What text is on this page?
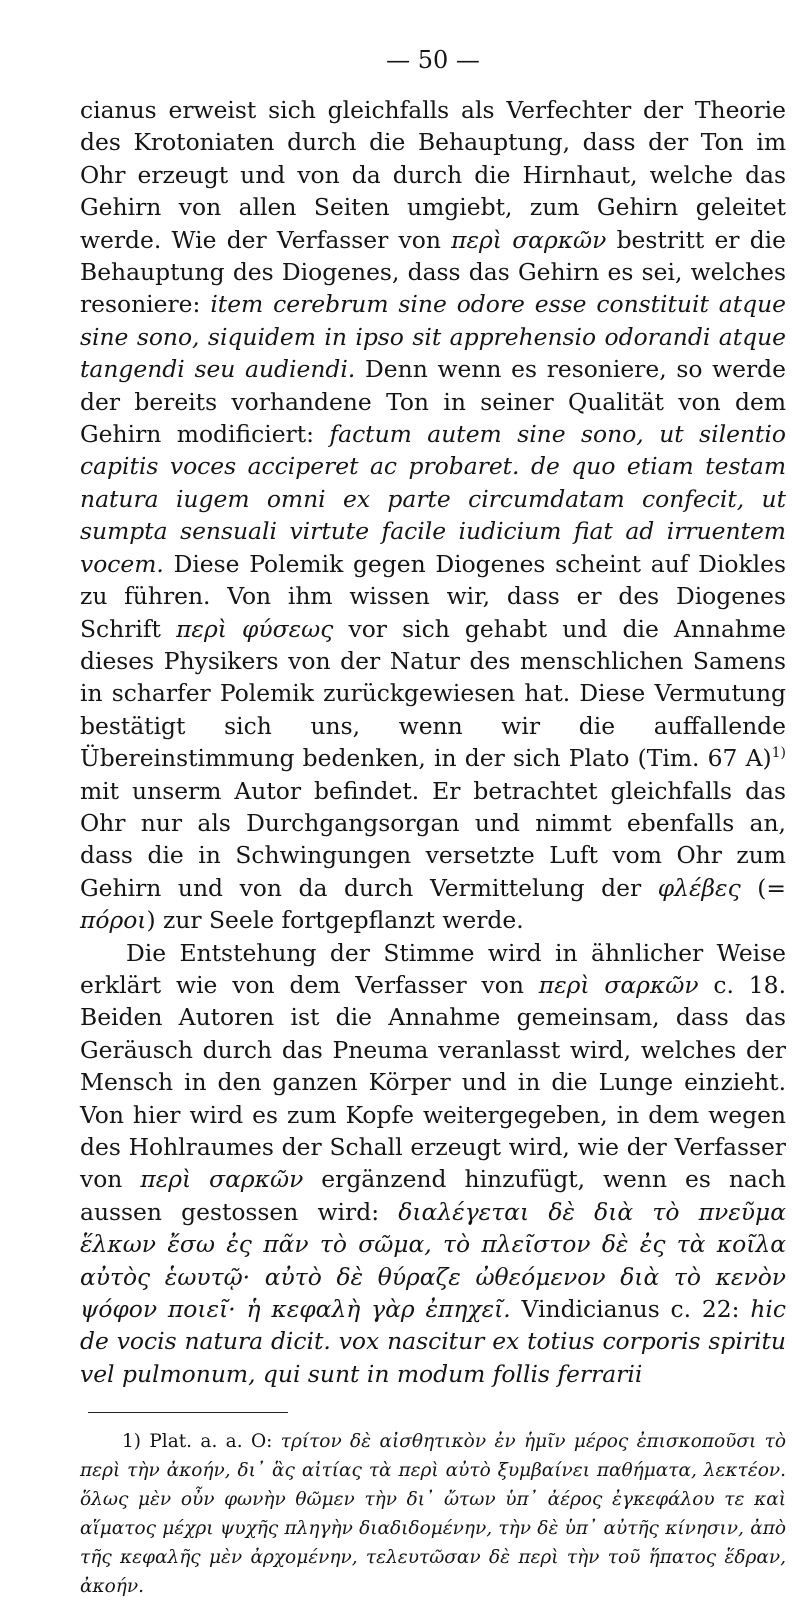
— 50 —

cianus erweist sich gleichfalls als Verfechter der Theorie des Krotoniaten durch die Behauptung, dass der Ton im Ohr erzeugt und von da durch die Hirnhaut, welche das Gehirn von allen Seiten umgiebt, zum Gehirn geleitet werde. Wie der Verfasser von περὶ σαρκῶν bestritt er die Behauptung des Diogenes, dass das Gehirn es sei, welches resoniere: item cerebrum sine odore esse constituit atque sine sono, siquidem in ipso sit apprehensio odorandi atque tangendi seu audiendi. Denn wenn es resoniere, so werde der bereits vorhandene Ton in seiner Qualität von dem Gehirn modificiert: factum autem sine sono, ut silentio capitis voces acciperet ac probaret. de quo etiam testam natura iugem omni ex parte circumdatam confecit, ut sumpta sensuali virtute facile iudicium fiat ad irruentem vocem. Diese Polemik gegen Diogenes scheint auf Diokles zu führen. Von ihm wissen wir, dass er des Diogenes Schrift περὶ φύσεως vor sich gehabt und die Annahme dieses Physikers von der Natur des menschlichen Samens in scharfer Polemik zurückgewiesen hat. Diese Vermutung bestätigt sich uns, wenn wir die auffallende Übereinstimmung bedenken, in der sich Plato (Tim. 67 A)$^{1)}$ mit unserm Autor befindet. Er betrachtet gleichfalls das Ohr nur als Durchgangsorgan und nimmt ebenfalls an, dass die in Schwingungen versetzte Luft vom Ohr zum Gehirn und von da durch Vermittelung der φλέβες (= πόροι) zur Seele fortgepflanzt werde.

Die Entstehung der Stimme wird in ähnlicher Weise erklärt wie von dem Verfasser von περὶ σαρκῶν c. 18. Beiden Autoren ist die Annahme gemeinsam, dass das Geräusch durch das Pneuma veranlasst wird, welches der Mensch in den ganzen Körper und in die Lunge einzieht. Von hier wird es zum Kopfe weitergegeben, in dem wegen des Hohlraumes der Schall erzeugt wird, wie der Verfasser von περὶ σαρκῶν ergänzend hinzufügt, wenn es nach aussen gestossen wird: διαλέγεται δὲ διὰ τὸ πνεῦμα ἕλκων ἔσω ἐς πᾶν τὸ σῶμα, τὸ πλεῖστον δὲ ἐς τὰ κοῖλα αὐτὸς ἑωυτῷ· αὐτὸ δὲ θύραζε ὠθεόμενον διὰ τὸ κενὸν ψόφον ποιεῖ· ἡ κεφαλὴ γὰρ ἐπηχεῖ. Vindicianus c. 22: hic de vocis natura dicit. vox nascitur ex totius corporis spiritu vel pulmonum, qui sunt in modum follis ferrarii

1) Plat. a. a. O: τρίτον δὲ αἰσθητικὸν ἐν ἡμῖν μέρος ἐπισκοποῦσι τὸ περὶ τὴν ἀκοήν, δι᾽ ἃς αἰτίας τὰ περὶ αὐτὸ ξυμβαίνει παθήματα, λεκτέον. ὅλως μὲν οὖν φωνὴν θῶμεν τὴν δι᾽ ὤτων ὑπ᾽ ἀέρος ἐγκεφάλου τε καὶ αἵματος μέχρι ψυχῆς πληγὴν διαδιδομένην, τὴν δὲ ὑπ᾽ αὐτῆς κίνησιν, ἀπὸ τῆς κεφαλῆς μὲν ἀρχομένην, τελευτῶσαν δὲ περὶ τὴν τοῦ ἥπατος ἕδραν, ἀκοήν.
